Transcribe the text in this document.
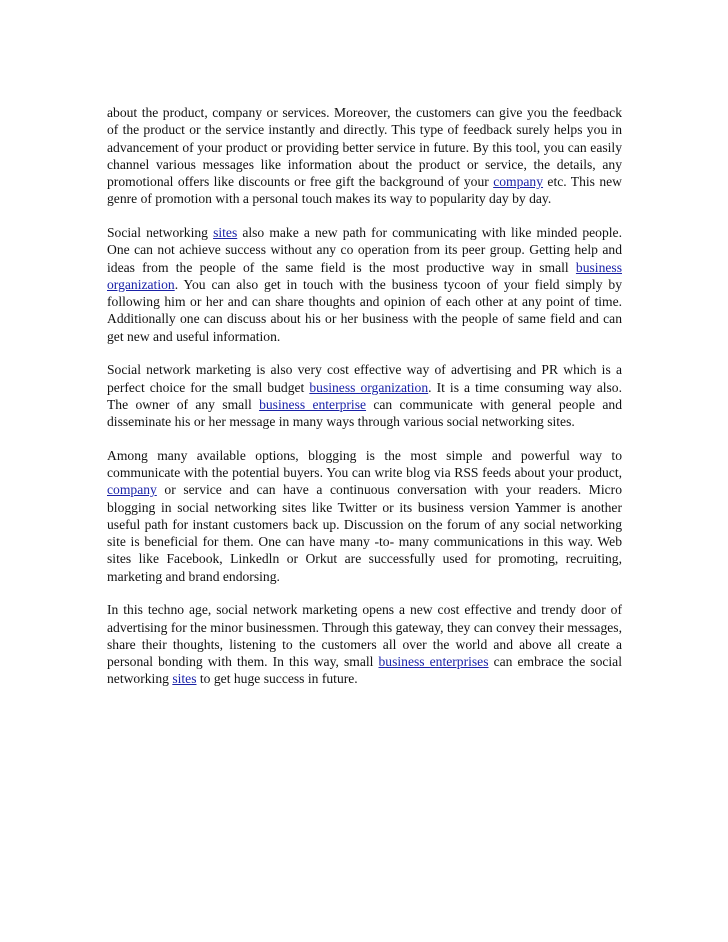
about the product, company or services. Moreover, the customers can give you the feedback of the product or the service instantly and directly. This type of feedback surely helps you in advancement of your product or providing better service in future. By this tool, you can easily channel various messages like information about the product or service, the details, any promotional offers like discounts or free gift the background of your company etc. This new genre of promotion with a personal touch makes its way to popularity day by day.

Social networking sites also make a new path for communicating with like minded people. One can not achieve success without any co operation from its peer group. Getting help and ideas from the people of the same field is the most productive way in small business organization. You can also get in touch with the business tycoon of your field simply by following him or her and can share thoughts and opinion of each other at any point of time. Additionally one can discuss about his or her business with the people of same field and can get new and useful information.

Social network marketing is also very cost effective way of advertising and PR which is a perfect choice for the small budget business organization. It is a time consuming way also. The owner of any small business enterprise can communicate with general people and disseminate his or her message in many ways through various social networking sites.

Among many available options, blogging is the most simple and powerful way to communicate with the potential buyers. You can write blog via RSS feeds about your product, company or service and can have a continuous conversation with your readers. Micro blogging in social networking sites like Twitter or its business version Yammer is another useful path for instant customers back up. Discussion on the forum of any social networking site is beneficial for them. One can have many -to- many communications in this way. Web sites like Facebook, Linkedln or Orkut are successfully used for promoting, recruiting, marketing and brand endorsing.

In this techno age, social network marketing opens a new cost effective and trendy door of advertising for the minor businessmen. Through this gateway, they can convey their messages, share their thoughts, listening to the customers all over the world and above all create a personal bonding with them. In this way, small business enterprises can embrace the social networking sites to get huge success in future.
